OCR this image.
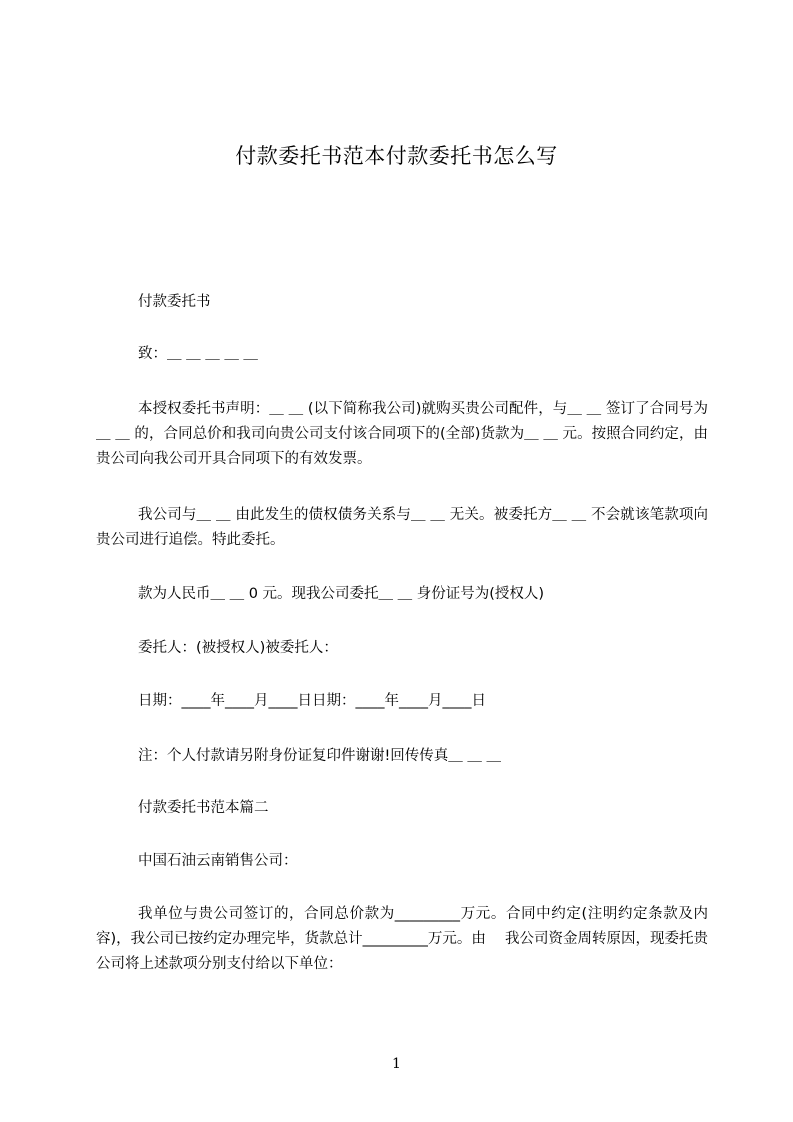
付款委托书范本付款委托书怎么写
付款委托书
致：＿ ＿ ＿ ＿ ＿
本授权委托书声明：＿ ＿ (以下简称我公司)就购买贵公司配件，与＿ ＿ 签订了合同号为＿ ＿ 的，合同总价和我司向贵公司支付该合同项下的(全部)货款为＿ ＿ 元。按照合同约定，由贵公司向我公司开具合同项下的有效发票。
我公司与＿ ＿ 由此发生的债权债务关系与＿ ＿ 无关。被委托方＿ ＿ 不会就该笔款项向贵公司进行追偿。特此委托。
款为人民币＿ ＿ 0 元。现我公司委托＿ ＿ 身份证号为(授权人)
委托人：(被授权人)被委托人：
日期：____年____月____日日期：____年____月____日
注：个人付款请另附身份证复印件谢谢!回传传真＿ ＿ ＿
付款委托书范本篇二
中国石油云南销售公司：
我单位与贵公司签订的，合同总价款为_________万元。合同中约定(注明约定条款及内容)，我公司已按约定办理完毕，货款总计_________万元。由　 我公司资金周转原因，现委托贵公司将上述款项分别支付给以下单位：
1
